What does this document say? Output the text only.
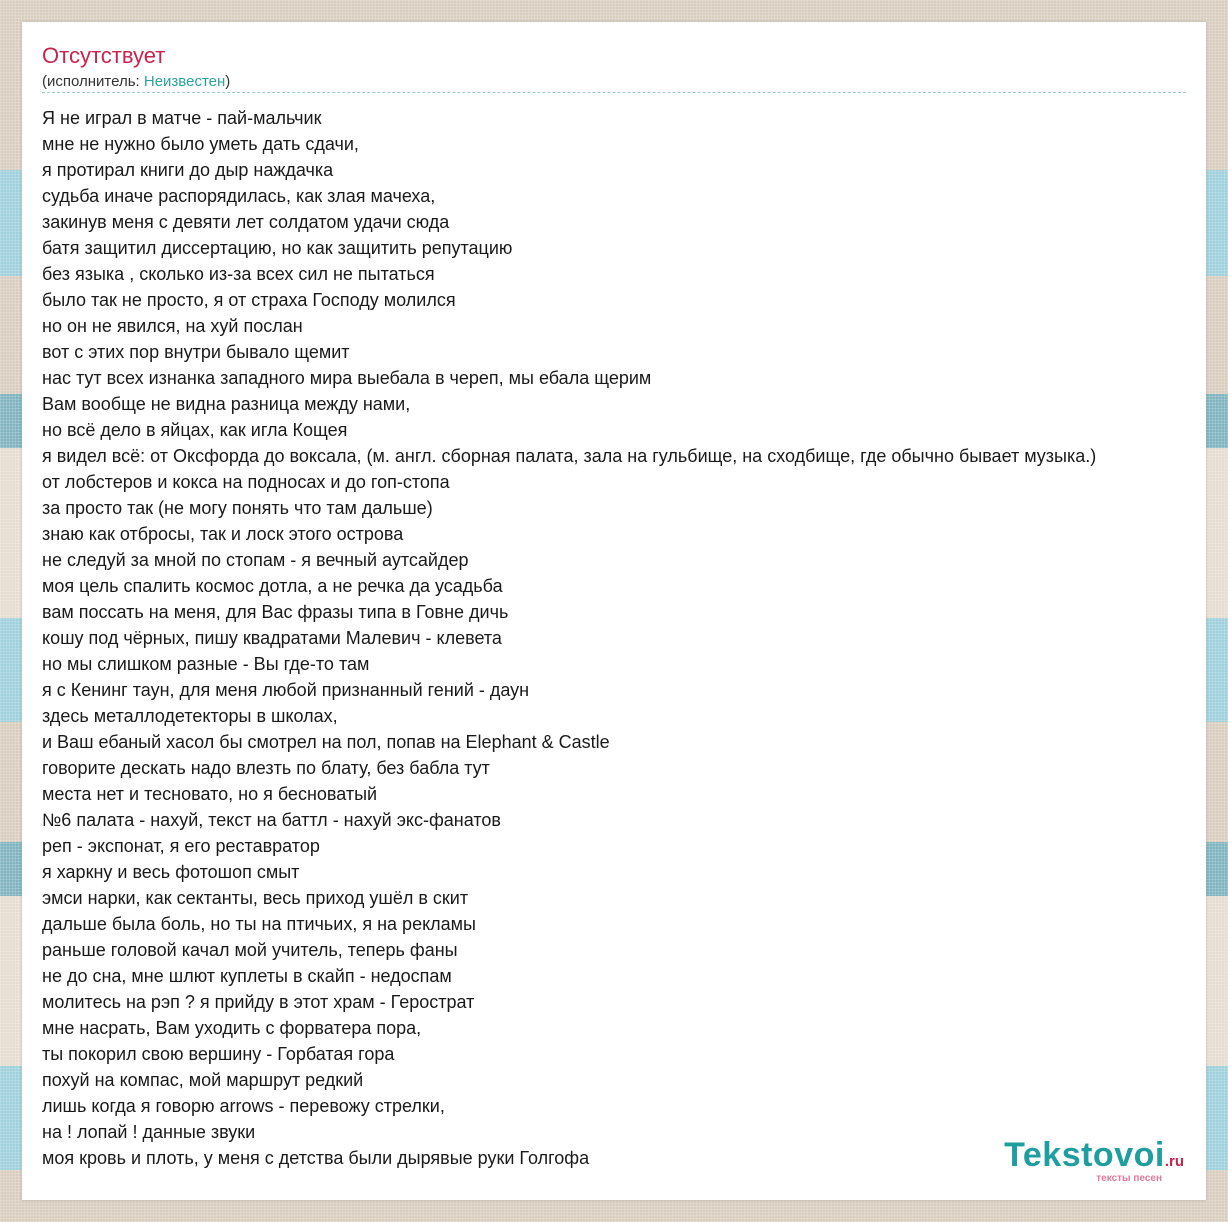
Отсутствует
(исполнитель: Неизвестен)
Я не играл в матче - пай-мальчик
мне не нужно было уметь дать сдачи,
я протирал книги до дыр наждачка
судьба иначе распорядилась, как злая мачеха,
закинув меня с девяти лет солдатом удачи сюда
батя защитил диссертацию, но как защитить репутацию
без языка , сколько из-за всех сил не пытаться
было так не просто, я от страха Господу молился
но он не явился, на хуй послан
вот с этих пор внутри бывало щемит
нас тут всех изнанка западного мира выебала в череп, мы ебала щерим
Вам вообще не видна разница между нами,
но всё дело в яйцах, как игла Кощея
я видел всё: от Оксфорда до воксала, (м. англ. сборная палата, зала на гульбище, на сходбище, где обычно бывает музыка.)
от лобстеров и кокса на подносах и до гоп-стопа
за просто так (не могу понять что там дальше)
знаю как отбросы, так и лоск этого острова
не следуй за мной по стопам - я вечный аутсайдер
моя цель спалить космос дотла, а не речка да усадьба
вам поссать на меня, для Вас фразы типа в Говне дичь
кошу под чёрных, пишу квадратами Малевич - клевета
но мы слишком разные - Вы где-то там
я с Кенинг таун, для меня любой признанный гений - даун
здесь металлодетекторы в школах,
и Ваш ебаный хасол бы смотрел на пол, попав на Elephant & Castle
говорите дескать надо влезть по блату, без бабла тут
места нет и тесновато, но я бесноватый
№6 палата - нахуй, текст на баттл - нахуй экс-фанатов
реп - экспонат, я его реставратор
я харкну и весь фотошоп смыт
эмси нарки, как сектанты, весь приход ушёл в скит
дальше была боль, но ты на птичьих, я на рекламы
раньше головой качал мой учитель, теперь фаны
не до сна, мне шлют куплеты в скайп - недоспам
молитесь на рэп ? я прийду в этот храм - Герострат
мне насрать, Вам уходить с форватера пора,
ты покорил свою вершину - Горбатая гора
похуй на компас, мой маршрут редкий
лишь когда я говорю arrows - перевожу стрелки,
на ! лопай ! данные звуки
моя кровь и плоть, у меня с детства были дырявые руки Голгофа	Tekstovoi.ru
тексты песен
